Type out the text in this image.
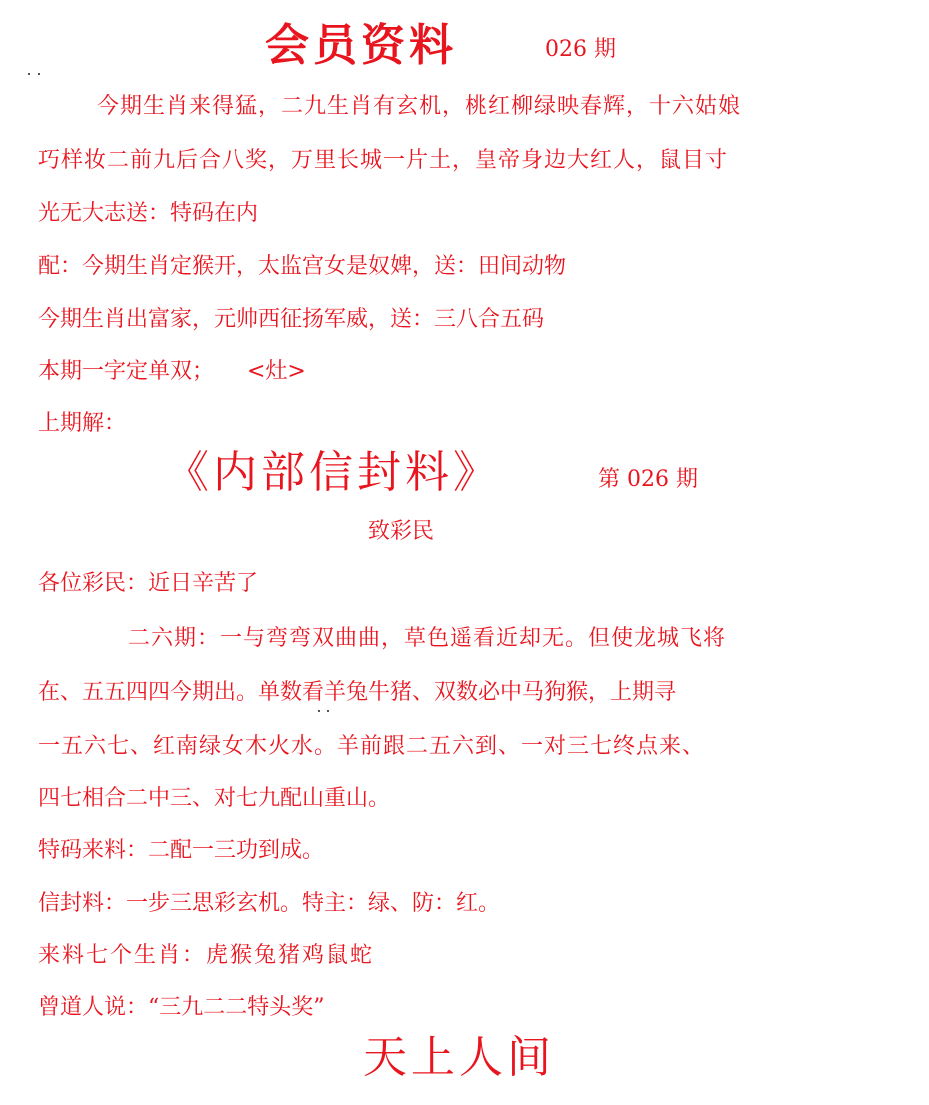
会员资料	026 期
今期生肖来得猛，二九生肖有玄机，桃红柳绿映春辉，十六姑娘
巧样妆二前九后合八奖，万里长城一片土，皇帝身边大红人，鼠目寸
光无大志送：特码在内
配：今期生肖定猴开，太监宫女是奴婢，送：田间动物
今期生肖出富家，元帅西征扬军威，送：三八合五码
本期一字定单双；　　<灶>
上期解：
《内部信封料》	第 026 期
致彩民
各位彩民：近日辛苦了
二六期：一与弯弯双曲曲，草色遥看近却无。但使龙城飞将
在、五五四四今期出。单数看羊兔牛猪、双数必中马狗猴，上期寻
一五六七、红南绿女木火水。羊前跟二五六到、一对三七终点来、
四七相合二中三、对七九配山重山。
特码来料：二配一三功到成。
信封料：一步三思彩玄机。特主：绿、防：红。
来料七个生肖：虎猴兔猪鸡鼠蛇
曾道人说：“三九二二特头奖”
天上人间
